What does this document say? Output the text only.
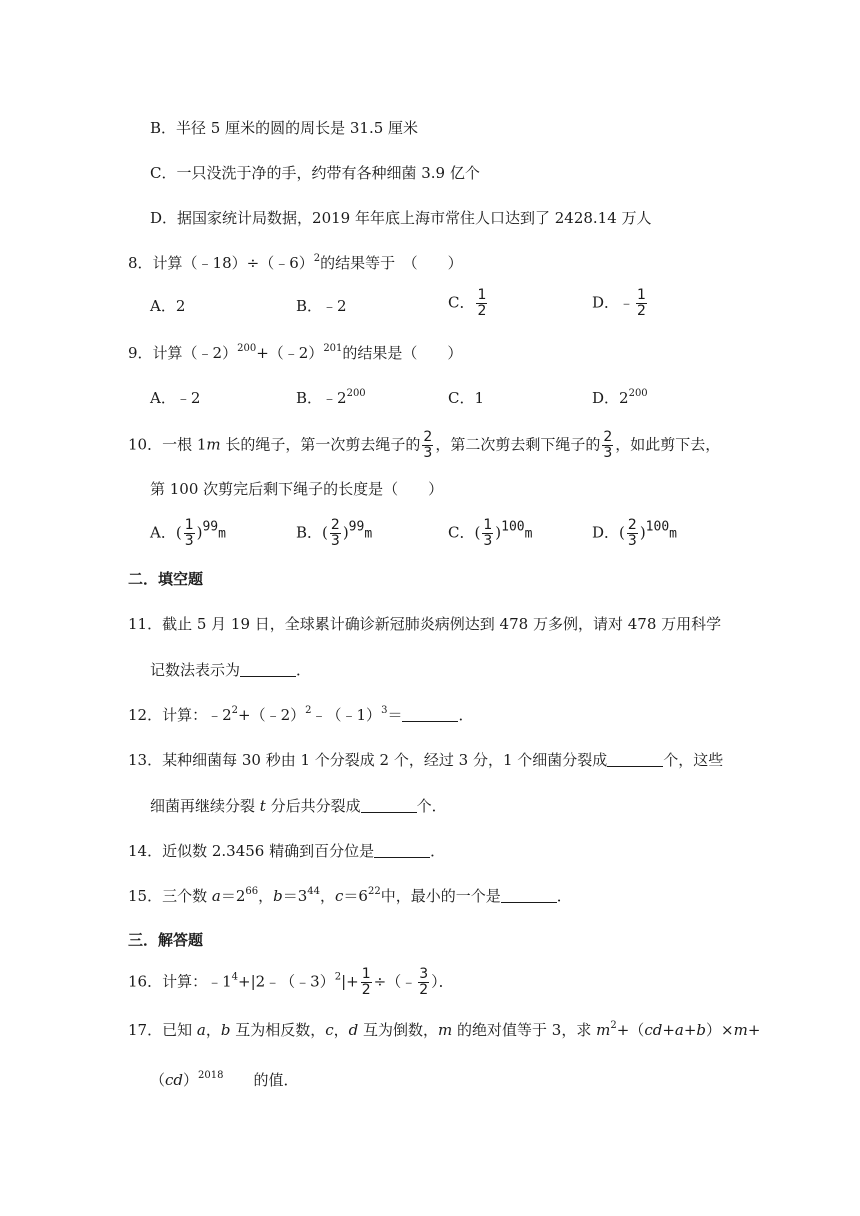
B．半径 5 厘米的圆的周长是 31.5 厘米
C．一只没洗于净的手，约带有各种细菌 3.9 亿个
D．据国家统计局数据，2019 年年底上海市常住人口达到了 2428.14 万人
8．计算（﹣18）÷（﹣6）$^2$的结果等于　（　　）
A．2	B．﹣2	C． $\frac{1}{2}$	D．﹣ $\frac{1}{2}$
9．计算（﹣2）$^{200}$+（﹣2）$^{201}$的结果是（　　）
A．﹣2	B．$﹣2^{200}$	C．1	D．$2^{200}$
10．一根 1m 长的绳子，第一次剪去绳子的 $\frac{2}{3}$ ，第二次剪去剩下绳子的 $\frac{2}{3}$ ，如此剪下去，
第 100 次剪完后剩下绳子的长度是（　　）
A．( $\frac{1}{3} )^{99}m$	B．( $\frac{2}{3} )^{99}m$	C．( $\frac{1}{3} )^{100}m$	D．( $\frac{2}{3} )^{100}m$
二．填空题
11．截止 5 月 19 日，全球累计确诊新冠肺炎病例达到 478 万多例，请对 478 万用科学
记数法表示为	．
12．计算：$﹣2^2+(﹣2)^2﹣(﹣1)^3=$	．
13．某种细菌每 30 秒由 1 个分裂成 2 个，经过 3 分，1 个细菌分裂成	个，这些
细菌再继续分裂 t 分后共分裂成	个．
14．近似数 2.3456 精确到百分位是	．
15．三个数 $a=2^{66}$，$b=3^{44}$，$c=6^{22}$中，最小的一个是	．
三．解答题
16．计算：$﹣1^4+|2﹣(﹣3)^2|+ \frac{1}{2}$ ÷（﹣ $\frac{3}{2}$ ）．
17．已知 a，b 互为相反数，c，d 互为倒数，m 的绝对值等于 3，求 $m^2+(cd+a+b)\times m+$
（cd）$^{2018}$　　的值．
